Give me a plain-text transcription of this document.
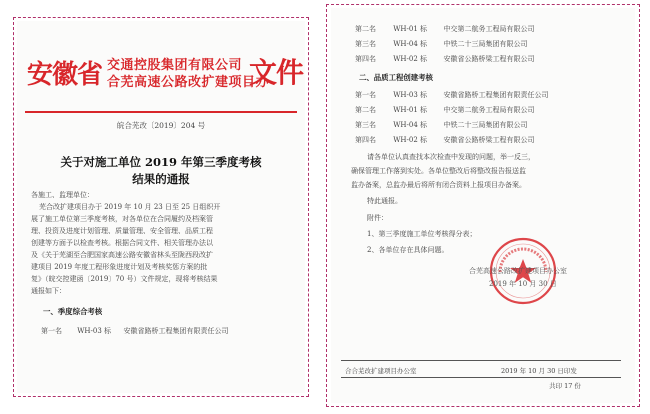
安徽省 交通控股集团有限公司
合芜高速公路改扩建项目办
文件
皖合芜改〔2019〕204 号
关于对施工单位 2019 年第三季度考核
结果的通报
各施工、监理单位：
芜合改扩建项目办于 2019 年 10 月 23 日至 25 日组织开
展了施工单位第三季度考核，对各单位在合同履约及档案管
理、投资及进度计划管理、质量管理、安全管理、品质工程
创建等方面予以检查考核。根据合同文件、相关管理办法以
及《关于芜湖至合肥国家高速公路安徽省林头至陇西段改扩
建项目 2019 年度工程形象进度计划及考核奖惩方案的批
复》（皖交控建函〔2019〕70 号）文件规定，现将考核结果
通报如下：
一、季度综合考核
第一名 WH-03 标 安徽省路桥工程集团有限责任公司
第二名 WH-01 标 中交第二航务工程局有限公司
第三名 WH-04 标 中铁二十三局集团有限公司
第四名 WH-02 标 安徽省公路桥梁工程有限公司
二、品质工程创建考核
第一名 WH-03 标 安徽省路桥工程集团有限责任公司
第二名 WH-01 标 中交第二航务工程局有限公司
第三名 WH-04 标 中铁二十三局集团有限公司
第四名 WH-02 标 安徽省公路桥梁工程有限公司
请各单位认真查找本次检查中发现的问题，举一反三，
确保管理工作落到实处。各单位整改后将整改报告报送监
监办备案，总监办最后将所有闭合资料上报项目办备案。
特此通报。
附件：
1、第三季度施工单位考核得分表；
2、各单位存在具体问题。
合芜高速公路改扩建项目办公室
2019 年 10 月 30 日
合合芜改扩建项目办公室	2019 年 10 月 30 日印发
共印 17 份
